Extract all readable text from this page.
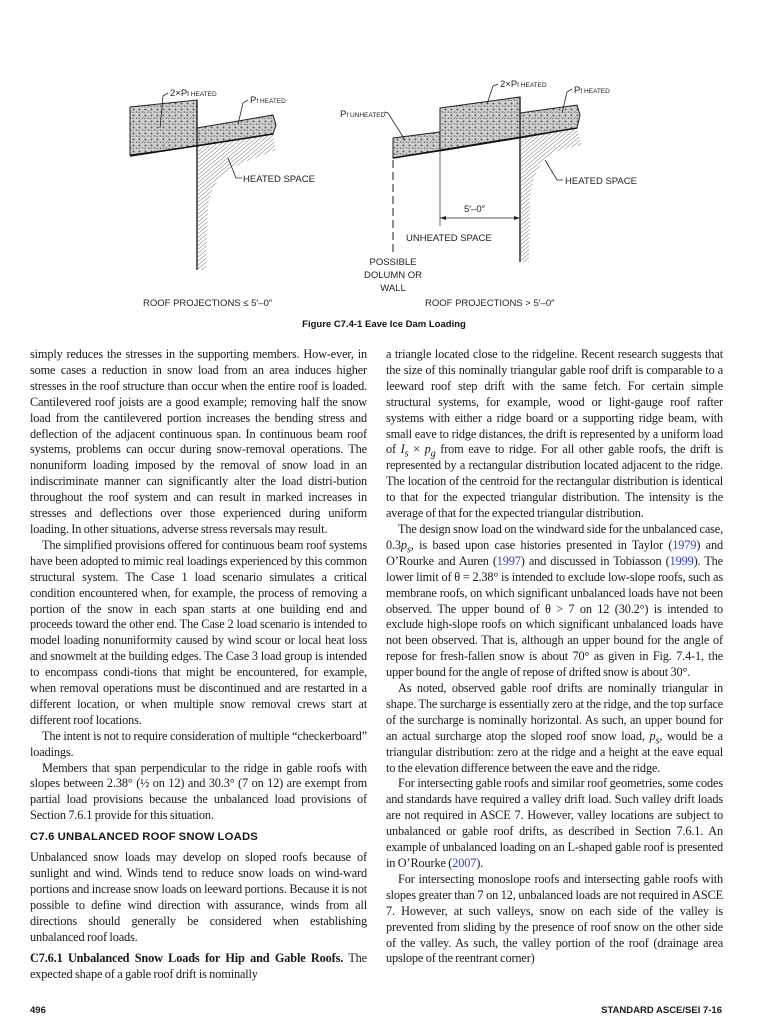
2×Pf HEATED
Pf HEATED
HEATED SPACE
ROOF PROJECTIONS ≤ 5′–0″
Pf UNHEATED
2×Pf HEATED	Pf HEATED
HEATED SPACE
5′–0″
UNHEATED SPACE
POSSIBLE
DOLUMN OR
WALL
ROOF PROJECTIONS > 5′–0″
Figure C7.4-1 Eave Ice Dam Loading

simply reduces the stresses in the supporting members. How-ever, in some cases a reduction in snow load from an area induces higher stresses in the roof structure than occur when the entire roof is loaded. Cantilevered roof joists are a good example; removing half the snow load from the cantilevered portion increases the bending stress and deflection of the adjacent continuous span. In continuous beam roof systems, problems can occur during snow-removal operations. The nonuniform loading imposed by the removal of snow load in an indiscriminate manner can significantly alter the load distri-bution throughout the roof system and can result in marked increases in stresses and deflections over those experienced during uniform loading. In other situations, adverse stress reversals may result.

The simplified provisions offered for continuous beam roof systems have been adopted to mimic real loadings experienced by this common structural system. The Case 1 load scenario simulates a critical condition encountered when, for example, the process of removing a portion of the snow in each span starts at one building end and proceeds toward the other end. The Case 2 load scenario is intended to model loading nonuniformity caused by wind scour or local heat loss and snowmelt at the building edges. The Case 3 load group is intended to encompass condi-tions that might be encountered, for example, when removal operations must be discontinued and are restarted in a different location, or when multiple snow removal crews start at different roof locations.

The intent is not to require consideration of multiple “checkerboard” loadings.

Members that span perpendicular to the ridge in gable roofs with slopes between 2.38° (½ on 12) and 30.3° (7 on 12) are exempt from partial load provisions because the unbalanced load provisions of Section 7.6.1 provide for this situation.

C7.6 UNBALANCED ROOF SNOW LOADS

Unbalanced snow loads may develop on sloped roofs because of sunlight and wind. Winds tend to reduce snow loads on wind-ward portions and increase snow loads on leeward portions. Because it is not possible to define wind direction with assurance, winds from all directions should generally be considered when establishing unbalanced roof loads.

C7.6.1 Unbalanced Snow Loads for Hip and Gable Roofs. The expected shape of a gable roof drift is nominally

a triangle located close to the ridgeline. Recent research suggests that the size of this nominally triangular gable roof drift is comparable to a leeward roof step drift with the same fetch. For certain simple structural systems, for example, wood or light-gauge roof rafter systems with either a ridge board or a supporting ridge beam, with small eave to ridge distances, the drift is represented by a uniform load of $I_s \times p_g$ from eave to ridge. For all other gable roofs, the drift is represented by a rectangular distribution located adjacent to the ridge. The location of the centroid for the rectangular distribution is identical to that for the expected triangular distribution. The intensity is the average of that for the expected triangular distribution.

The design snow load on the windward side for the unbalanced case, $0.3p_s$, is based upon case histories presented in Taylor (1979) and O’Rourke and Auren (1997) and discussed in Tobiasson (1999). The lower limit of θ = 2.38° is intended to exclude low-slope roofs, such as membrane roofs, on which significant unbalanced loads have not been observed. The upper bound of θ > 7 on 12 (30.2°) is intended to exclude high-slope roofs on which significant unbalanced loads have not been observed. That is, although an upper bound for the angle of repose for fresh-fallen snow is about 70° as given in Fig. 7.4-1, the upper bound for the angle of repose of drifted snow is about 30°.

As noted, observed gable roof drifts are nominally triangular in shape. The surcharge is essentially zero at the ridge, and the top surface of the surcharge is nominally horizontal. As such, an upper bound for an actual surcharge atop the sloped roof snow load, $p_s$, would be a triangular distribution: zero at the ridge and a height at the eave equal to the elevation difference between the eave and the ridge.

For intersecting gable roofs and similar roof geometries, some codes and standards have required a valley drift load. Such valley drift loads are not required in ASCE 7. However, valley locations are subject to unbalanced or gable roof drifts, as described in Section 7.6.1. An example of unbalanced loading on an L-shaped gable roof is presented in O’Rourke (2007).

For intersecting monoslope roofs and intersecting gable roofs with slopes greater than 7 on 12, unbalanced loads are not required in ASCE 7. However, at such valleys, snow on each side of the valley is prevented from sliding by the presence of roof snow on the other side of the valley. As such, the valley portion of the roof (drainage area upslope of the reentrant corner)

496	STANDARD ASCE/SEI 7-16
